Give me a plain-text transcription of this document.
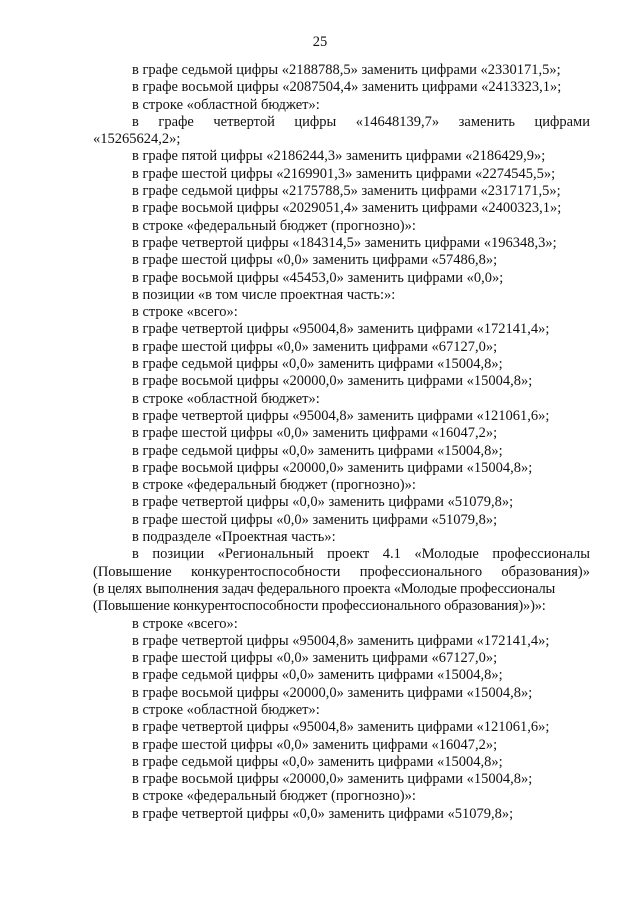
25
в графе седьмой цифры «2188788,5» заменить цифрами «2330171,5»;
в графе восьмой цифры «2087504,4» заменить цифрами «2413323,1»;
в строке «областной бюджет»:
в графе четвертой цифры «14648139,7» заменить цифрами
«15265624,2»;
в графе пятой цифры «2186244,3» заменить цифрами «2186429,9»;
в графе шестой цифры «2169901,3» заменить цифрами «2274545,5»;
в графе седьмой цифры «2175788,5» заменить цифрами «2317171,5»;
в графе восьмой цифры «2029051,4» заменить цифрами «2400323,1»;
в строке «федеральный бюджет (прогнозно)»:
в графе четвертой цифры «184314,5» заменить цифрами «196348,3»;
в графе шестой цифры «0,0» заменить цифрами «57486,8»;
в графе восьмой цифры «45453,0» заменить цифрами «0,0»;
в позиции «в том числе проектная часть:»:
в строке «всего»:
в графе четвертой цифры «95004,8» заменить цифрами «172141,4»;
в графе шестой цифры «0,0» заменить цифрами «67127,0»;
в графе седьмой цифры «0,0» заменить цифрами «15004,8»;
в графе восьмой цифры «20000,0» заменить цифрами «15004,8»;
в строке «областной бюджет»:
в графе четвертой цифры «95004,8» заменить цифрами «121061,6»;
в графе шестой цифры «0,0» заменить цифрами «16047,2»;
в графе седьмой цифры «0,0» заменить цифрами «15004,8»;
в графе восьмой цифры «20000,0» заменить цифрами «15004,8»;
в строке «федеральный бюджет (прогнозно)»:
в графе четвертой цифры «0,0» заменить цифрами «51079,8»;
в графе шестой цифры «0,0» заменить цифрами «51079,8»;
в подразделе «Проектная часть»:
в позиции «Региональный проект 4.1 «Молодые профессионалы
(Повышение конкурентоспособности профессионального образования)»
(в целях выполнения задач федерального проекта «Молодые профессионалы
(Повышение конкурентоспособности профессионального образования)»)»:
в строке «всего»:
в графе четвертой цифры «95004,8» заменить цифрами «172141,4»;
в графе шестой цифры «0,0» заменить цифрами «67127,0»;
в графе седьмой цифры «0,0» заменить цифрами «15004,8»;
в графе восьмой цифры «20000,0» заменить цифрами «15004,8»;
в строке «областной бюджет»:
в графе четвертой цифры «95004,8» заменить цифрами «121061,6»;
в графе шестой цифры «0,0» заменить цифрами «16047,2»;
в графе седьмой цифры «0,0» заменить цифрами «15004,8»;
в графе восьмой цифры «20000,0» заменить цифрами «15004,8»;
в строке «федеральный бюджет (прогнозно)»:
в графе четвертой цифры «0,0» заменить цифрами «51079,8»;
